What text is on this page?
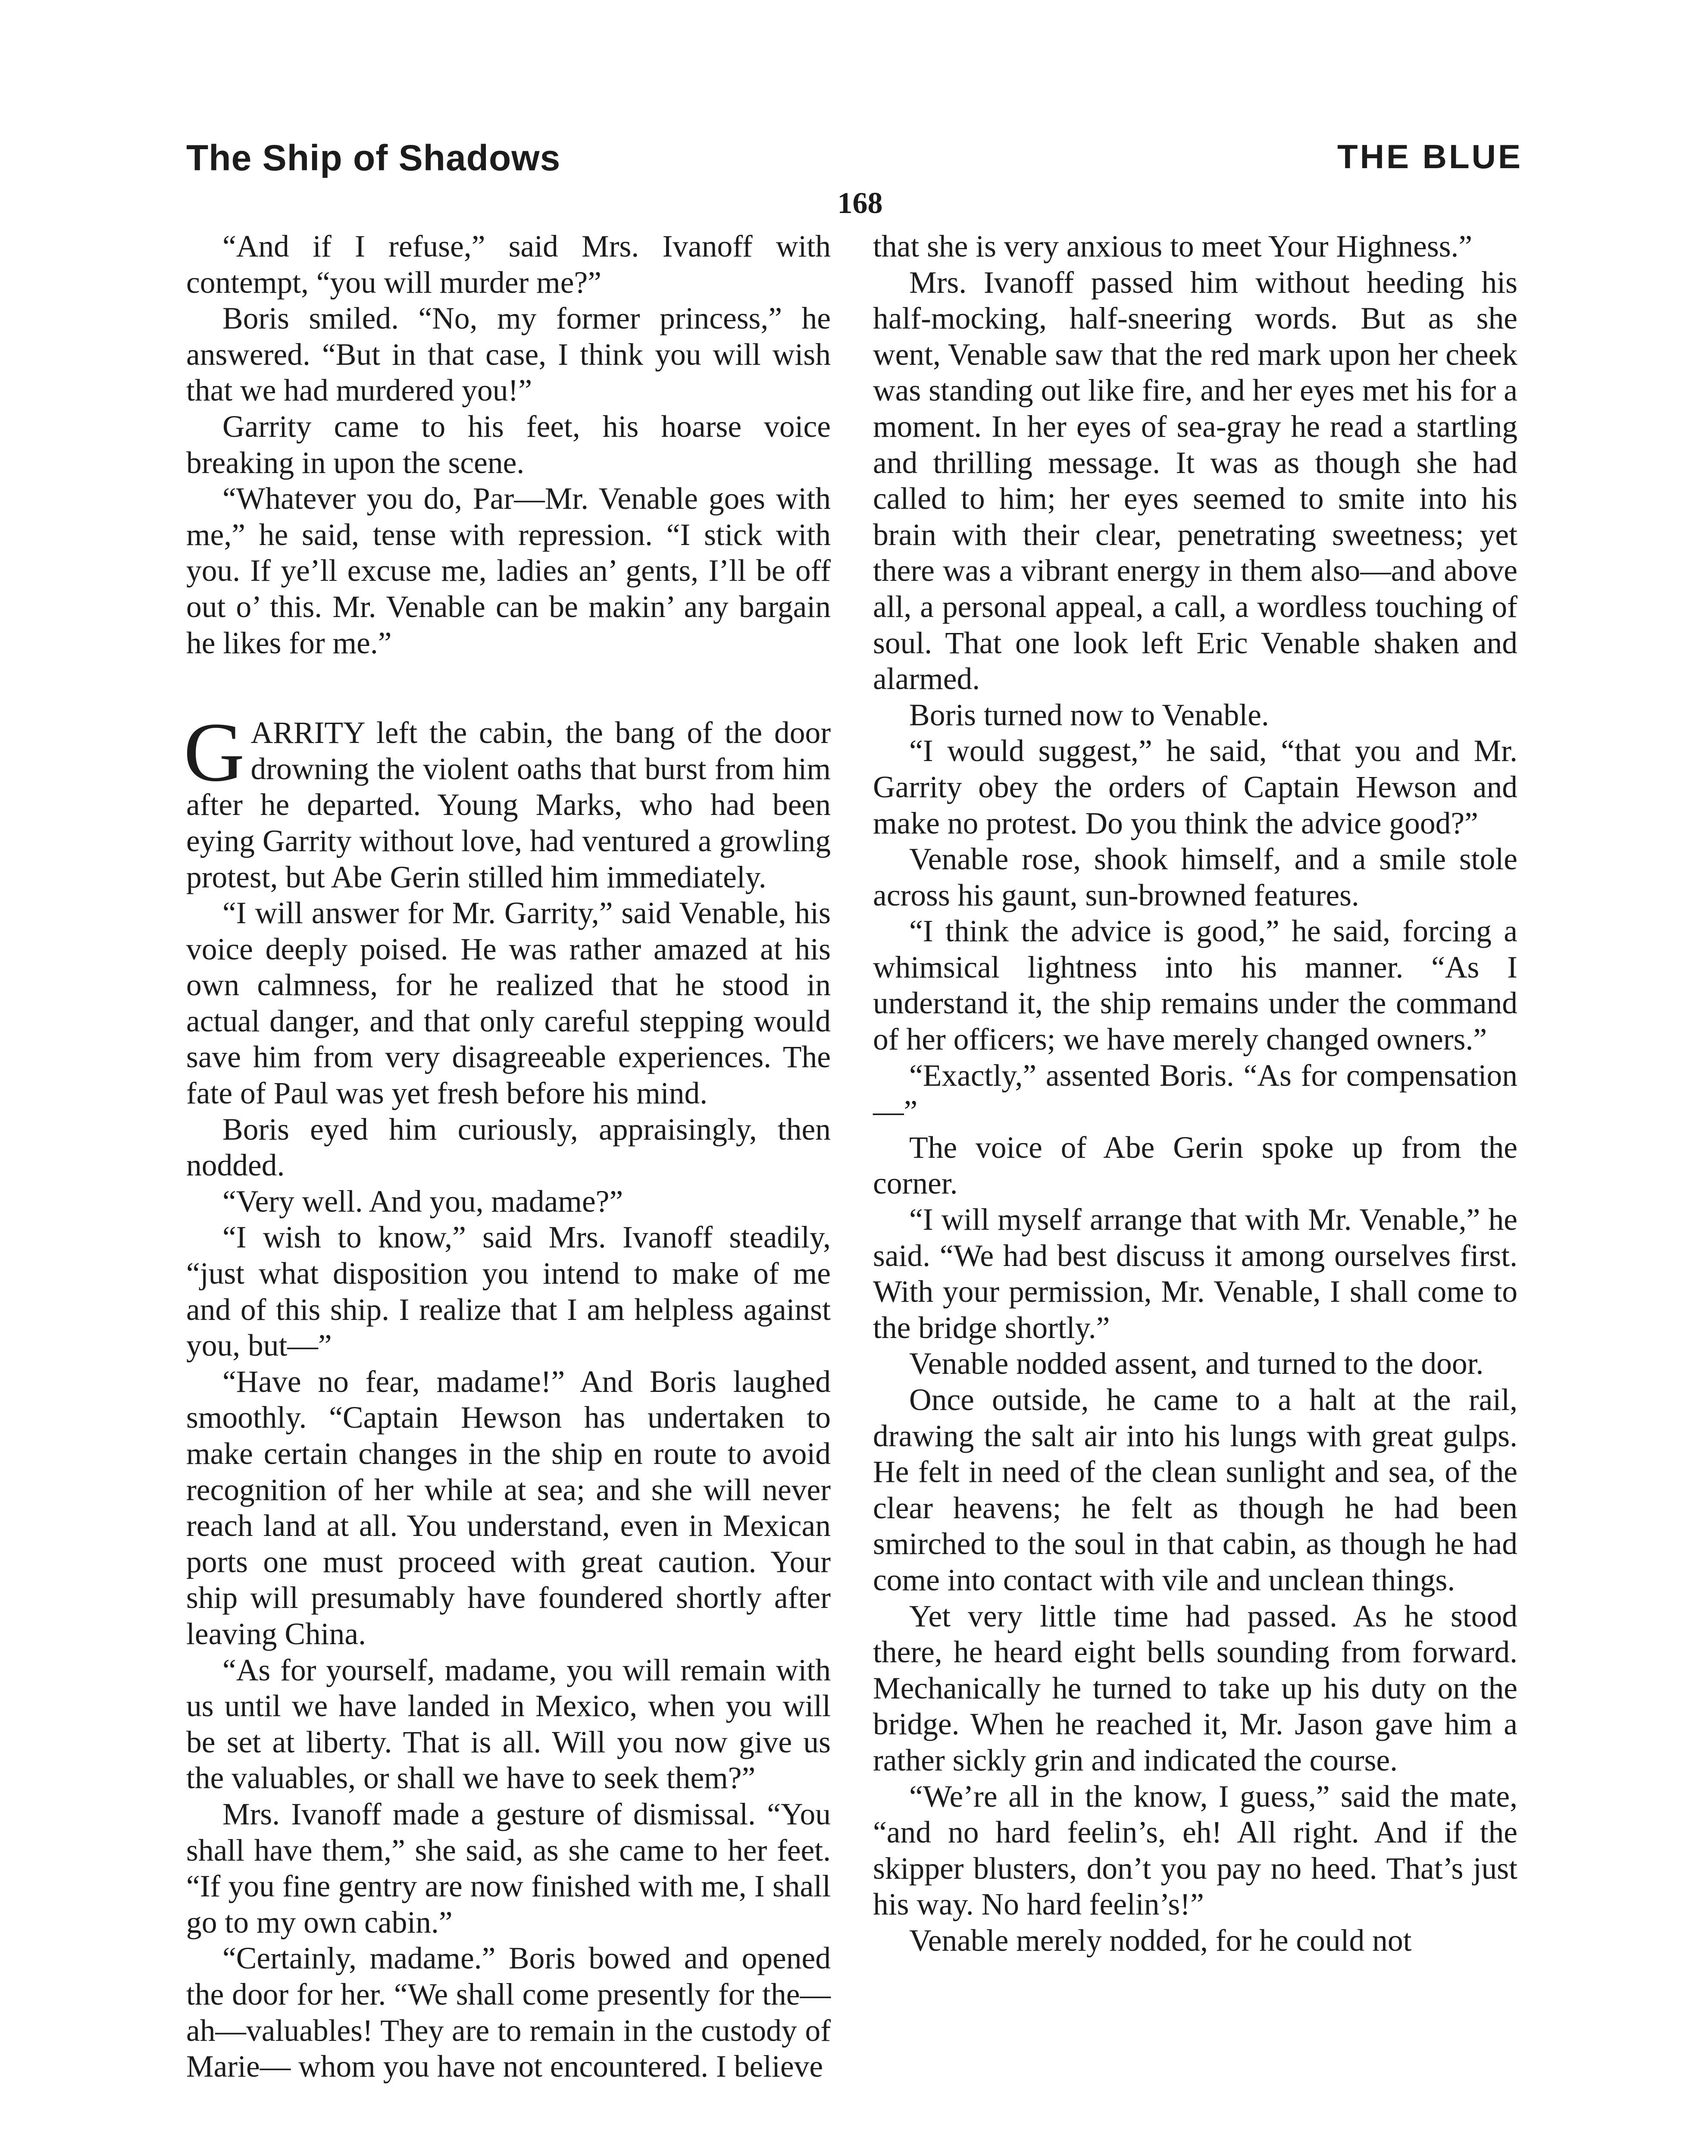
The Ship of Shadows	THE BLUE
168

“And if I refuse,” said Mrs. Ivanoff with contempt, “you will murder me?”

Boris smiled. “No, my former princess,” he answered. “But in that case, I think you will wish that we had murdered you!”

Garrity came to his feet, his hoarse voice breaking in upon the scene.

“Whatever you do, Par—Mr. Venable goes with me,” he said, tense with repression. “I stick with you. If ye’ll excuse me, ladies an’ gents, I’ll be off out o’ this. Mr. Venable can be makin’ any bargain he likes for me.”

GARRITY left the cabin, the bang of the door drowning the violent oaths that burst from him after he departed. Young Marks, who had been eying Garrity without love, had ventured a growling protest, but Abe Gerin stilled him immediately.

“I will answer for Mr. Garrity,” said Venable, his voice deeply poised. He was rather amazed at his own calmness, for he realized that he stood in actual danger, and that only careful stepping would save him from very disagreeable experiences. The fate of Paul was yet fresh before his mind.

Boris eyed him curiously, appraisingly, then nodded.

“Very well. And you, madame?”

“I wish to know,” said Mrs. Ivanoff steadily, “just what disposition you intend to make of me and of this ship. I realize that I am helpless against you, but—”

“Have no fear, madame!” And Boris laughed smoothly. “Captain Hewson has undertaken to make certain changes in the ship en route to avoid recognition of her while at sea; and she will never reach land at all. You understand, even in Mexican ports one must proceed with great caution. Your ship will presumably have foundered shortly after leaving China.

“As for yourself, madame, you will remain with us until we have landed in Mexico, when you will be set at liberty. That is all. Will you now give us the valuables, or shall we have to seek them?”

Mrs. Ivanoff made a gesture of dismissal. “You shall have them,” she said, as she came to her feet. “If you fine gentry are now finished with me, I shall go to my own cabin.”

“Certainly, madame.” Boris bowed and opened the door for her. “We shall come presently for the—ah—valuables! They are to remain in the custody of Marie— whom you have not encountered. I believe

that she is very anxious to meet Your Highness.”

Mrs. Ivanoff passed him without heeding his half-mocking, half-sneering words. But as she went, Venable saw that the red mark upon her cheek was standing out like fire, and her eyes met his for a moment. In her eyes of sea-gray he read a startling and thrilling message. It was as though she had called to him; her eyes seemed to smite into his brain with their clear, penetrating sweetness; yet there was a vibrant energy in them also—and above all, a personal appeal, a call, a wordless touching of soul. That one look left Eric Venable shaken and alarmed.

Boris turned now to Venable.

“I would suggest,” he said, “that you and Mr. Garrity obey the orders of Captain Hewson and make no protest. Do you think the advice good?”

Venable rose, shook himself, and a smile stole across his gaunt, sun-browned features.

“I think the advice is good,” he said, forcing a whimsical lightness into his manner. “As I understand it, the ship remains under the command of her officers; we have merely changed owners.”

“Exactly,” assented Boris. “As for compensation—”

The voice of Abe Gerin spoke up from the corner.

“I will myself arrange that with Mr. Venable,” he said. “We had best discuss it among ourselves first. With your permission, Mr. Venable, I shall come to the bridge shortly.”

Venable nodded assent, and turned to the door.

Once outside, he came to a halt at the rail, drawing the salt air into his lungs with great gulps. He felt in need of the clean sunlight and sea, of the clear heavens; he felt as though he had been smirched to the soul in that cabin, as though he had come into contact with vile and unclean things.

Yet very little time had passed. As he stood there, he heard eight bells sounding from forward. Mechanically he turned to take up his duty on the bridge. When he reached it, Mr. Jason gave him a rather sickly grin and indicated the course.

“We’re all in the know, I guess,” said the mate, “and no hard feelin’s, eh! All right. And if the skipper blusters, don’t you pay no heed. That’s just his way. No hard feelin’s!”

Venable merely nodded, for he could not
